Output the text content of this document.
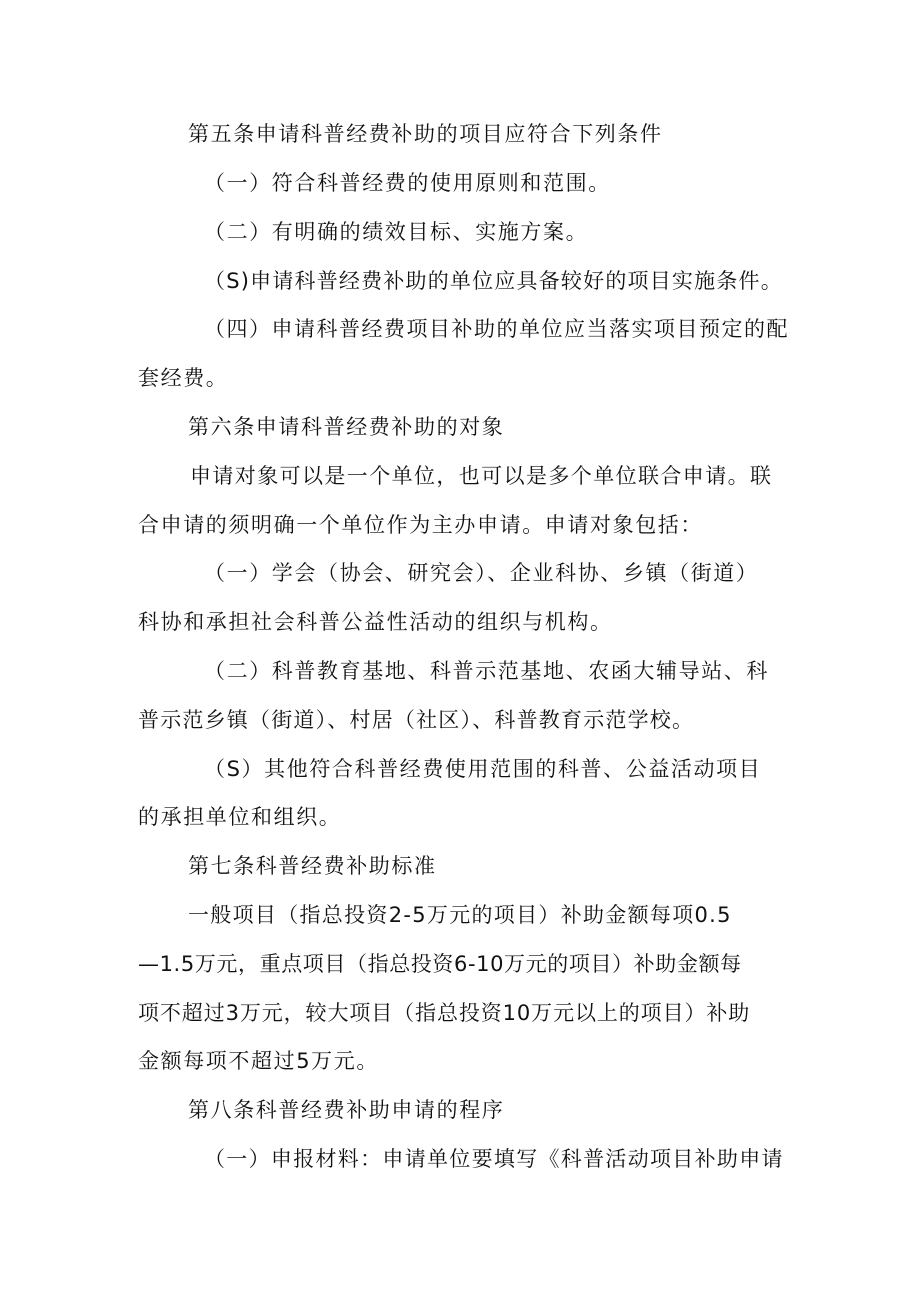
第五条申请科普经费补助的项目应符合下列条件
（一）符合科普经费的使用原则和范围。
（二）有明确的绩效目标、实施方案。
（S)申请科普经费补助的单位应具备较好的项目实施条件。
（四）申请科普经费项目补助的单位应当落实项目预定的配
套经费。
第六条申请科普经费补助的对象
申请对象可以是一个单位，也可以是多个单位联合申请。联
合申请的须明确一个单位作为主办申请。申请对象包括：
（一）学会（协会、研究会）、企业科协、乡镇（街道）
科协和承担社会科普公益性活动的组织与机构。
（二）科普教育基地、科普示范基地、农函大辅导站、科
普示范乡镇（街道）、村居（社区）、科普教育示范学校。
（S）其他符合科普经费使用范围的科普、公益活动项目
的承担单位和组织。
第七条科普经费补助标准
一般项目（指总投资2-5万元的项目）补助金额每项0.5
—1.5万元，重点项目（指总投资6-10万元的项目）补助金额每
项不超过3万元，较大项目（指总投资10万元以上的项目）补助
金额每项不超过5万元。
第八条科普经费补助申请的程序
（一）申报材料：申请单位要填写《科普活动项目补助申请
